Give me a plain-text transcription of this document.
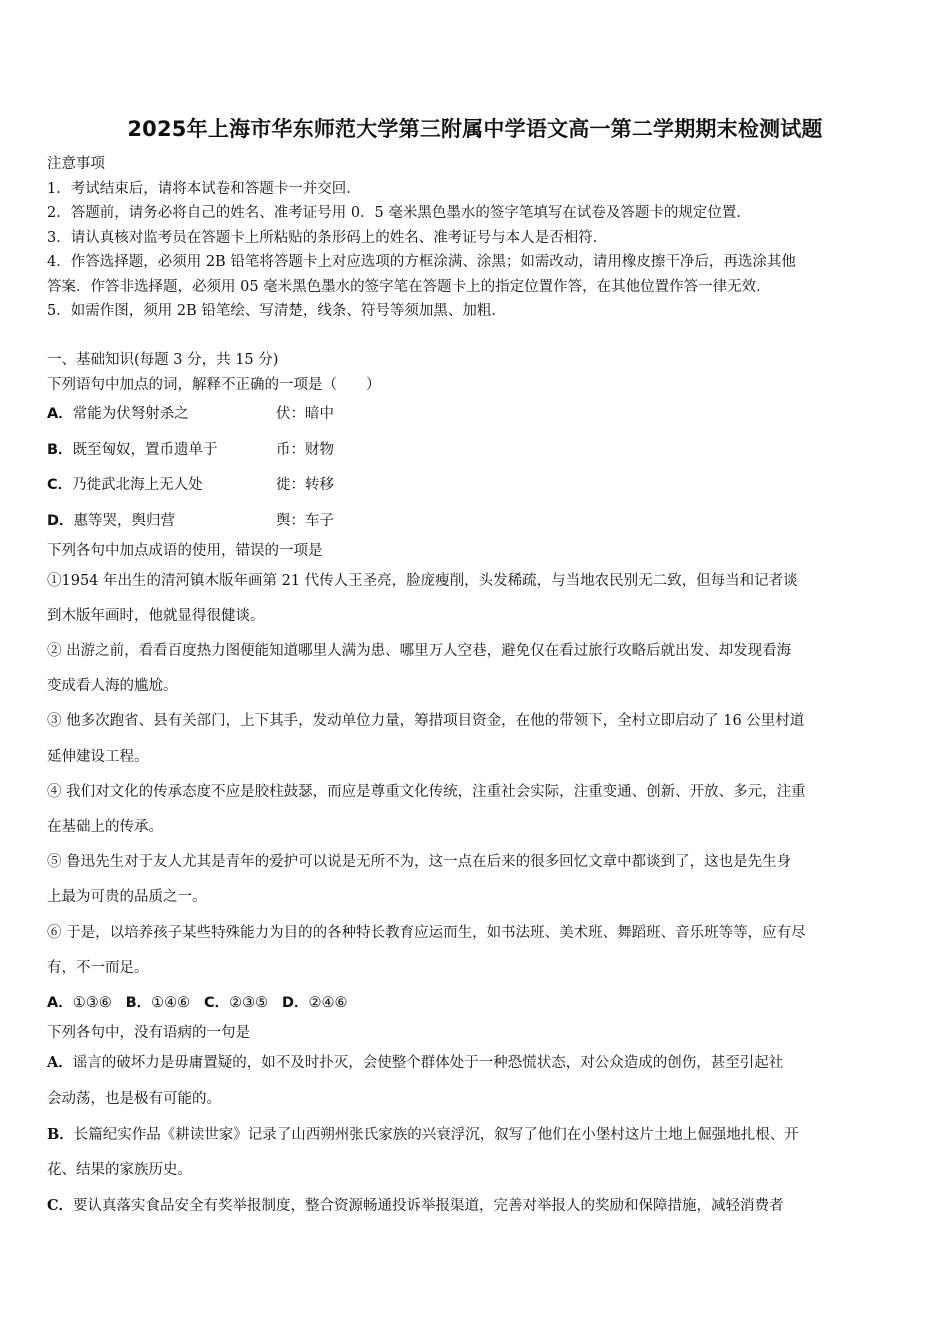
2025年上海市华东师范大学第三附属中学语文高一第二学期期末检测试题
注意事项
1．考试结束后，请将本试卷和答题卡一并交回．
2．答题前，请务必将自己的姓名、准考证号用 0．5 毫米黑色墨水的签字笔填写在试卷及答题卡的规定位置．
3．请认真核对监考员在答题卡上所粘贴的条形码上的姓名、准考证号与本人是否相符．
4．作答选择题，必须用 2B 铅笔将答题卡上对应选项的方框涂满、涂黑；如需改动，请用橡皮擦干净后，再选涂其他
答案．作答非选择题，必须用 05 毫米黑色墨水的签字笔在答题卡上的指定位置作答，在其他位置作答一律无效．
5．如需作图，须用 2B 铅笔绘、写清楚，线条、符号等须加黑、加粗．
一、基础知识(每题 3 分，共 15 分)
下列语句中加点的词，解释不正确的一项是（　　）
A．常能为伏弩射杀之	伏：暗中
B．既至匈奴，置币遗单于	币：财物
C．乃徙武北海上无人处	徙：转移
D．惠等哭，舆归营	舆：车子
下列各句中加点成语的使用，错误的一项是
①1954 年出生的清河镇木版年画第 21 代传人王圣亮，脸庞瘦削，头发稀疏，与当地农民别无二致，但每当和记者谈
到木版年画时，他就显得很健谈。
② 出游之前，看看百度热力图便能知道哪里人满为患、哪里万人空巷，避免仅在看过旅行攻略后就出发、却发现看海
变成看人海的尴尬。
③ 他多次跑省、县有关部门，上下其手，发动单位力量，筹措项目资金，在他的带领下，全村立即启动了 16 公里村道
延伸建设工程。
④ 我们对文化的传承态度不应是胶柱鼓瑟，而应是尊重文化传统，注重社会实际，注重变通、创新、开放、多元，注重
在基础上的传承。
⑤ 鲁迅先生对于友人尤其是青年的爱护可以说是无所不为，这一点在后来的很多回忆文章中都谈到了，这也是先生身
上最为可贵的品质之一。
⑥ 于是，以培养孩子某些特殊能力为目的的各种特长教育应运而生，如书法班、美术班、舞蹈班、音乐班等等，应有尽
有，不一而足。
A．①③⑥ B．①④⑥ C．②③⑤ D．②④⑥
下列各句中，没有语病的一句是
A．谣言的破坏力是毋庸置疑的，如不及时扑灭，会使整个群体处于一种恐慌状态，对公众造成的创伤，甚至引起社
会动荡，也是极有可能的。
B．长篇纪实作品《耕读世家》记录了山西朔州张氏家族的兴衰浮沉，叙写了他们在小堡村这片土地上倔强地扎根、开
花、结果的家族历史。
C．要认真落实食品安全有奖举报制度，整合资源畅通投诉举报渠道，完善对举报人的奖励和保障措施，减轻消费者
